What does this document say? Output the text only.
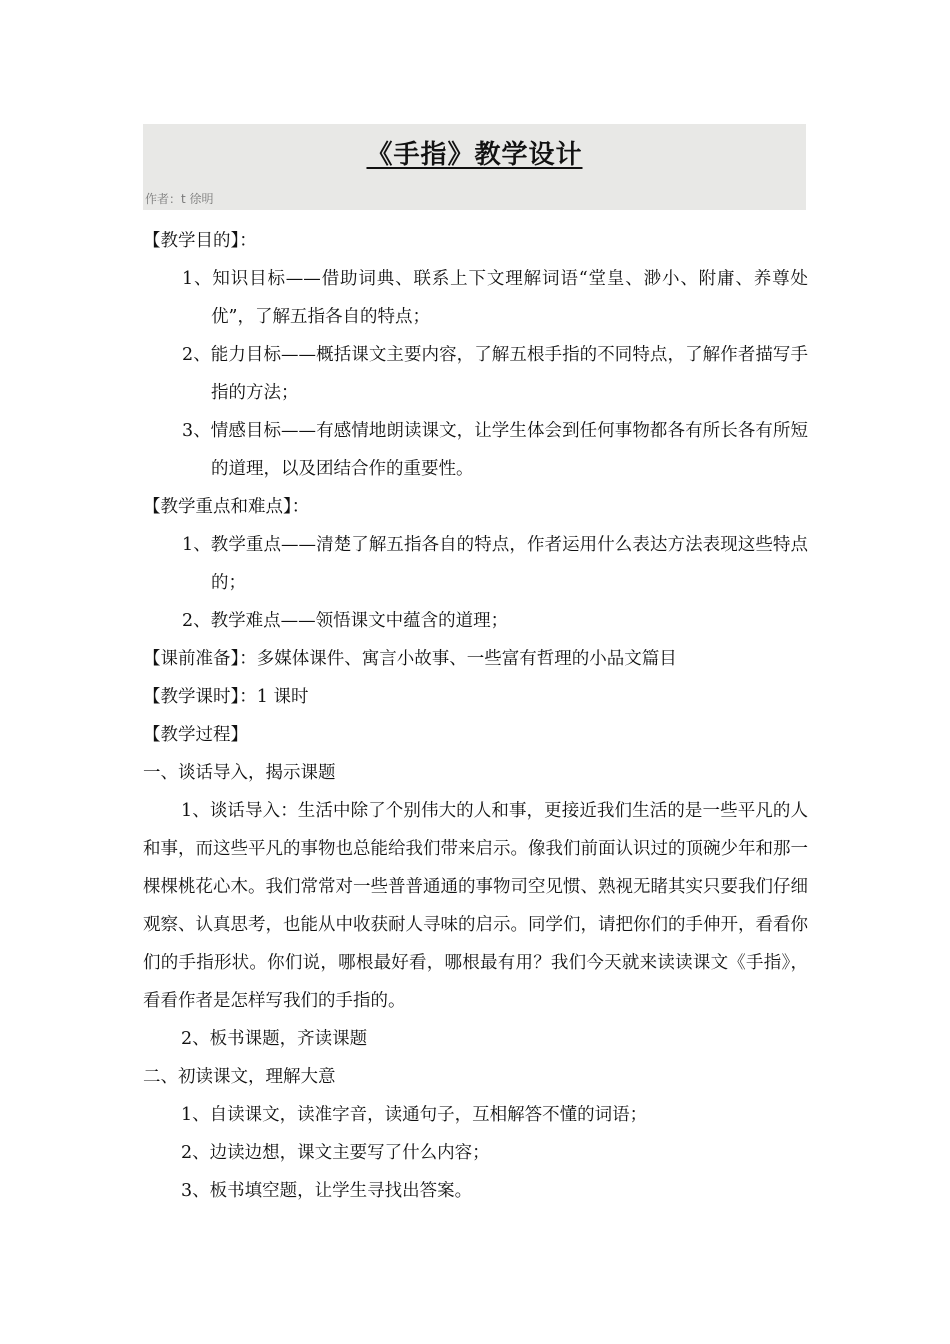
《手指》教学设计
作者：t 徐明

【教学目的】：

1、知识目标——借助词典、联系上下文理解词语“堂皇、渺小、附庸、养尊处优”，了解五指各自的特点；

2、能力目标——概括课文主要内容，了解五根手指的不同特点，了解作者描写手指的方法；

3、情感目标——有感情地朗读课文，让学生体会到任何事物都各有所长各有所短的道理，以及团结合作的重要性。

【教学重点和难点】：

1、教学重点——清楚了解五指各自的特点，作者运用什么表达方法表现这些特点的；

2、教学难点——领悟课文中蕴含的道理；

【课前准备】：多媒体课件、寓言小故事、一些富有哲理的小品文篇目

【教学课时】：1 课时

【教学过程】

一、谈话导入，揭示课题

1、谈话导入：生活中除了个别伟大的人和事，更接近我们生活的是一些平凡的人和事，而这些平凡的事物也总能给我们带来启示。像我们前面认识过的顶碗少年和那一棵棵桃花心木。我们常常对一些普普通通的事物司空见惯、熟视无睹其实只要我们仔细观察、认真思考，也能从中收获耐人寻味的启示。同学们，请把你们的手伸开，看看你们的手指形状。你们说，哪根最好看，哪根最有用？我们今天就来读读课文《手指》，看看作者是怎样写我们的手指的。

2、板书课题，齐读课题

二、初读课文，理解大意

1、自读课文，读准字音，读通句子，互相解答不懂的词语；

2、边读边想，课文主要写了什么内容；

3、板书填空题，让学生寻找出答案。
